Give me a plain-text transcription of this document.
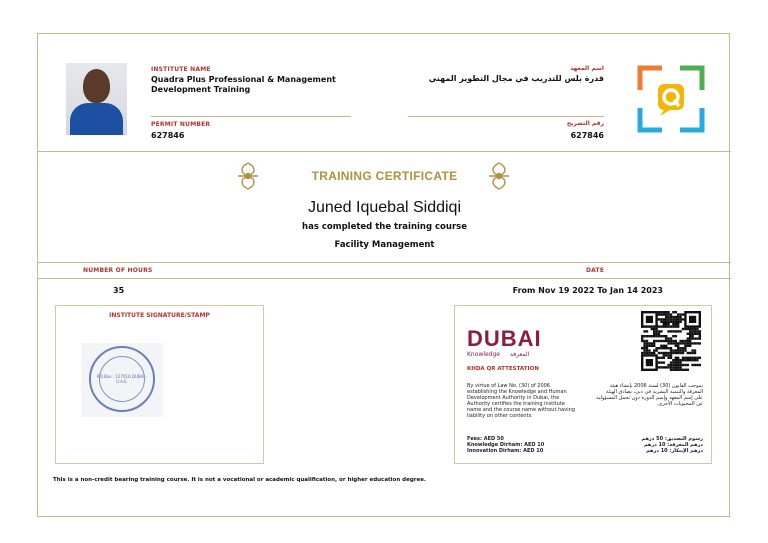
INSTITUTE NAME
Quadra Plus Professional & Management Development Training
اسم المعهد
قدرة بلس للتدريب في مجال التطوير المهني
PERMIT NUMBER
627846
رقم التصريح
627846
TRAINING CERTIFICATE
Juned Iquebal Siddiqi
has completed the training course
Facility Management
NUMBER OF HOURS	DATE
35	From Nov 19 2022 To Jan 14 2023
INSTITUTE SIGNATURE/STAMP
P.O.Box : 127016 DUBAI - U.A.E.
DUBAI
Knowledge المعرفة
KHDA QR ATTESTATION
By virtue of Law No. (30) of 2006 establishing the Knowledge and Human Development Authority in Dubai, the Authority certifies the training institute name and the course name without having liability on other contents.
Fees: AED 50
Knowledge Dirham: AED 10
Innovation Dirham: AED 10
بموجب القانون (30) لسنة 2006 بإنشاء هيئة المعرفة والتنمية البشرية في دبي، تصادق الهيئة على إسم المعهد وإسم الدورة دون تحمل المسؤولية عن المحتويات الأخرى.
رسوم التصديق: 50 درهم
درهم المعرفة: 10 درهم
درهم الإبتكار: 10 درهم
This is a non-credit bearing training course. It is not a vocational or academic qualification, or higher education degree.
